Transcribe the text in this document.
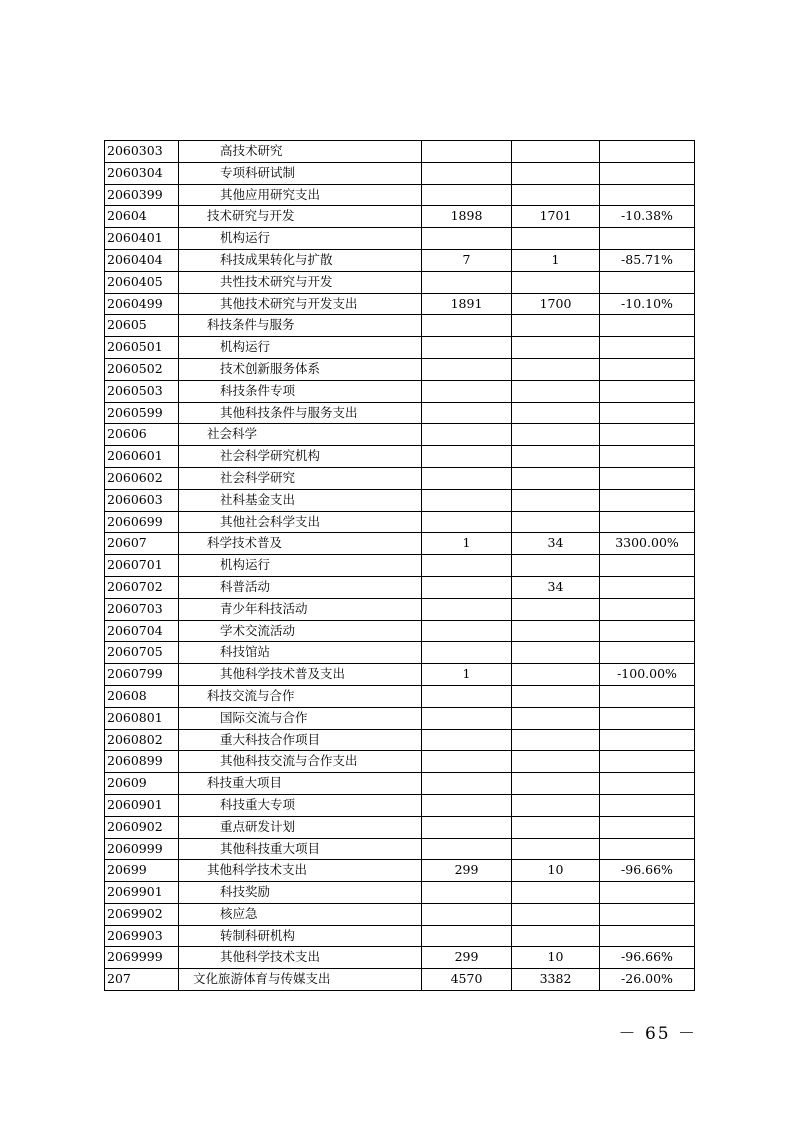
2060303	高技术研究			
2060304	专项科研试制			
2060399	其他应用研究支出			
20604	技术研究与开发	1898	1701	-10.38%
2060401	机构运行			
2060404	科技成果转化与扩散	7	1	-85.71%
2060405	共性技术研究与开发			
2060499	其他技术研究与开发支出	1891	1700	-10.10%
20605	科技条件与服务			
2060501	机构运行			
2060502	技术创新服务体系			
2060503	科技条件专项			
2060599	其他科技条件与服务支出			
20606	社会科学			
2060601	社会科学研究机构			
2060602	社会科学研究			
2060603	社科基金支出			
2060699	其他社会科学支出			
20607	科学技术普及	1	34	3300.00%
2060701	机构运行			
2060702	科普活动		34	
2060703	青少年科技活动			
2060704	学术交流活动			
2060705	科技馆站			
2060799	其他科学技术普及支出	1		-100.00%
20608	科技交流与合作			
2060801	国际交流与合作			
2060802	重大科技合作项目			
2060899	其他科技交流与合作支出			
20609	科技重大项目			
2060901	科技重大专项			
2060902	重点研发计划			
2060999	其他科技重大项目			
20699	其他科学技术支出	299	10	-96.66%
2069901	科技奖励			
2069902	核应急			
2069903	转制科研机构			
2069999	其他科学技术支出	299	10	-96.66%
207	文化旅游体育与传媒支出	4570	3382	-26.00%
－ 65 －
